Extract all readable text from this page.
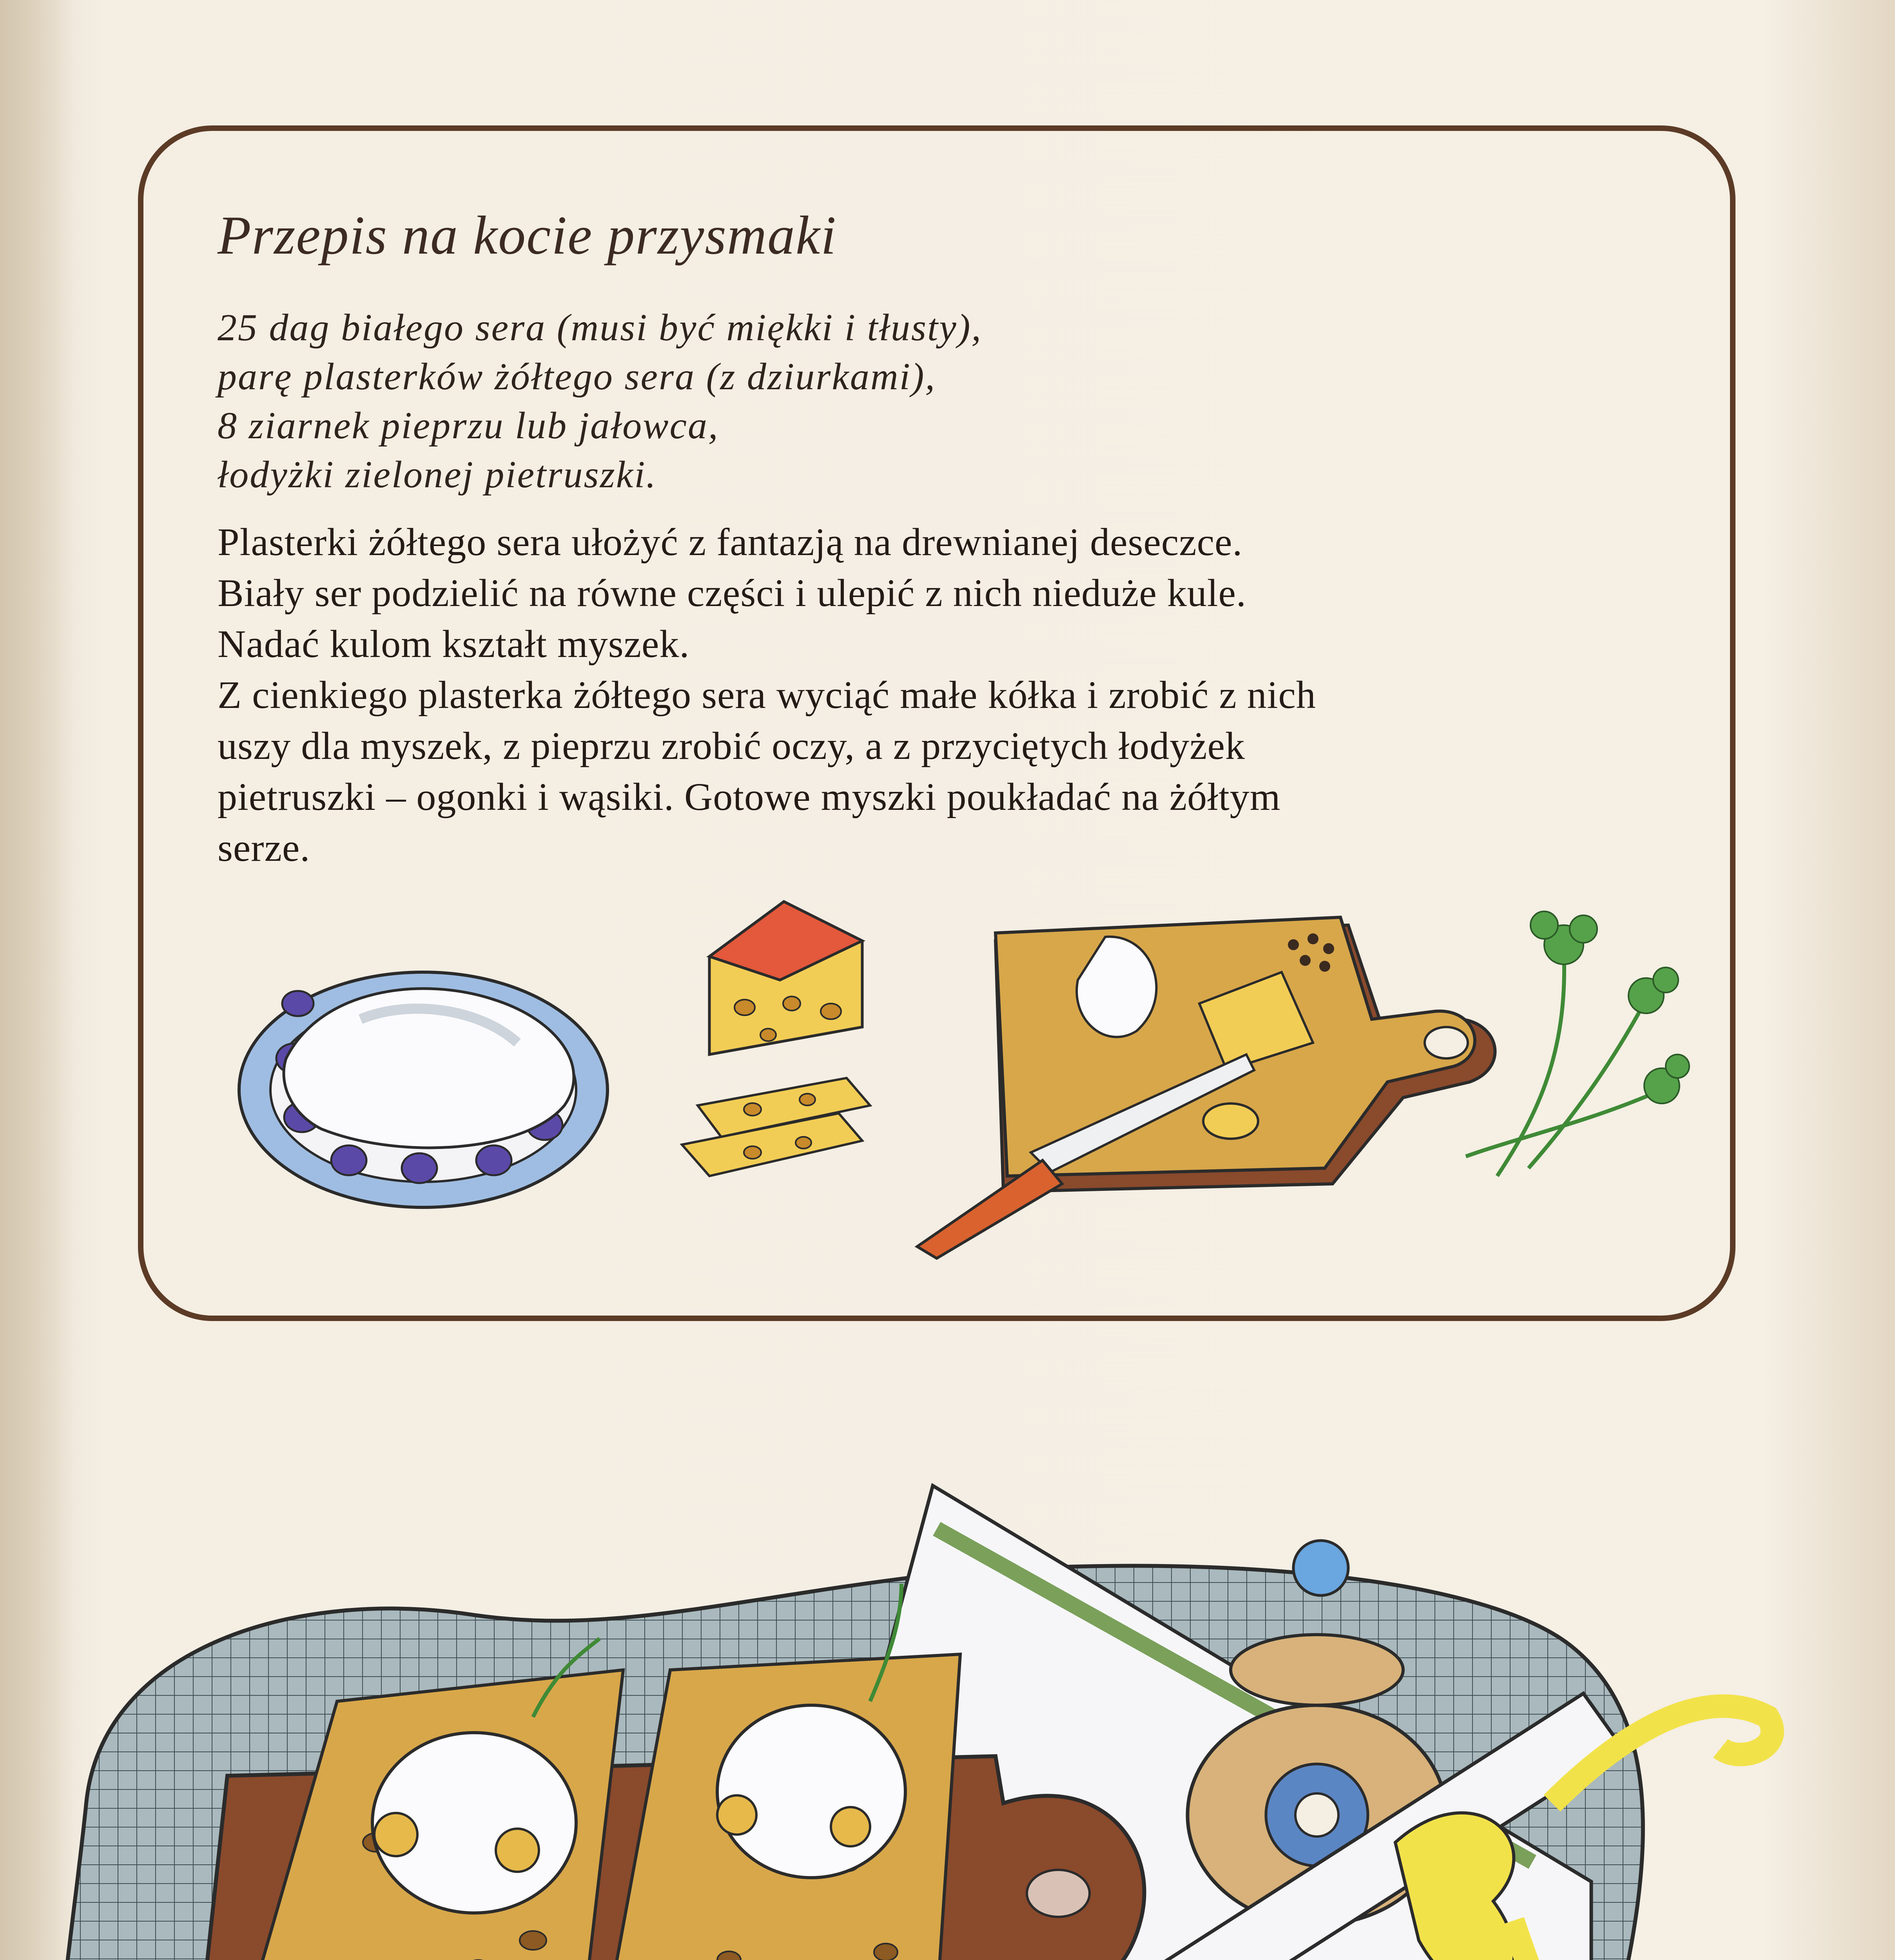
Przepis na kocie przysmaki
25 dag białego sera (musi być miękki i tłusty),
parę plasterków żółtego sera (z dziurkami),
8 ziarnek pieprzu lub jałowca,
łodyżki zielonej pietruszki.
Plasterki żółtego sera ułożyć z fantazją na drewnianej deseczce.
Biały ser podzielić na równe części i ulepić z nich nieduże kule.
Nadać kulom kształt myszek.
Z cienkiego plasterka żółtego sera wyciąć małe kółka i zrobić z nich
uszy dla myszek, z pieprzu zrobić oczy, a z przyciętych łodyżek
pietruszki – ogonki i wąsiki. Gotowe myszki poukładać na żółtym
serze.
